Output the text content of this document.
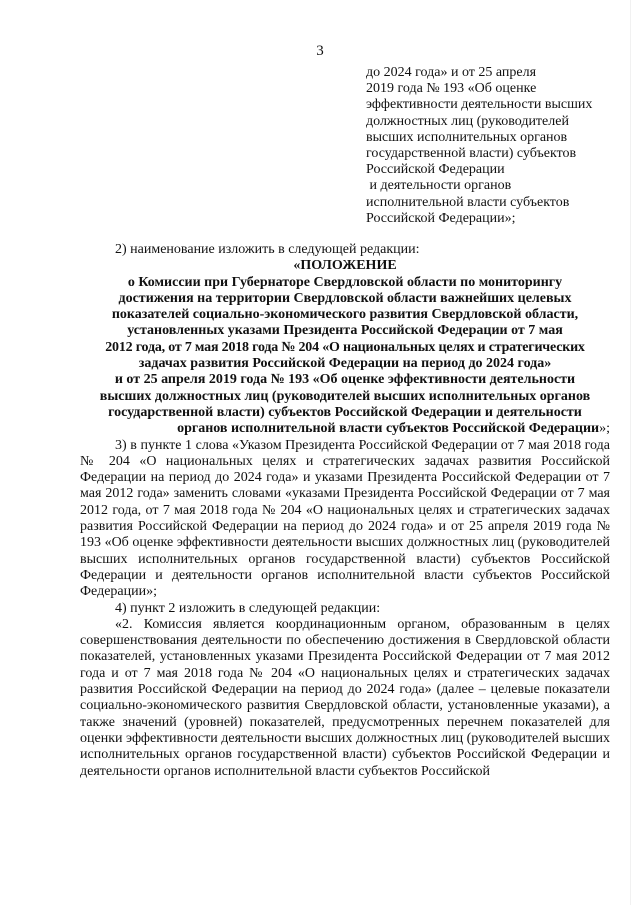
3
до 2024 года» и от 25 апреля
2019 года № 193 «Об оценке
эффективности деятельности высших
должностных лиц (руководителей
высших исполнительных органов
государственной власти) субъектов
Российской Федерации
и деятельности органов
исполнительной власти субъектов
Российской Федерации»;

2) наименование изложить в следующей редакции:

«ПОЛОЖЕНИЕ
о Комиссии при Губернаторе Свердловской области по мониторингу
достижения на территории Свердловской области важнейших целевых
показателей социально-экономического развития Свердловской области,
установленных указами Президента Российской Федерации от 7 мая
2012 года, от 7 мая 2018 года № 204 «О национальных целях и стратегических
задачах развития Российской Федерации на период до 2024 года»
и от 25 апреля 2019 года № 193 «Об оценке эффективности деятельности
высших должностных лиц (руководителей высших исполнительных органов
государственной власти) субъектов Российской Федерации и деятельности
органов исполнительной власти субъектов Российской Федерации»;

3) в пункте 1 слова «Указом Президента Российской Федерации от 7 мая 2018 года № 204 «О национальных целях и стратегических задачах развития Российской Федерации на период до 2024 года» и указами Президента Российской Федерации от 7 мая 2012 года» заменить словами «указами Президента Российской Федерации от 7 мая 2012 года, от 7 мая 2018 года № 204 «О национальных целях и стратегических задачах развития Российской Федерации на период до 2024 года» и от 25 апреля 2019 года № 193 «Об оценке эффективности деятельности высших должностных лиц (руководителей высших исполнительных органов государственной власти) субъектов Российской Федерации и деятельности органов исполнительной власти субъектов Российской Федерации»;

4) пункт 2 изложить в следующей редакции:

«2. Комиссия является координационным органом, образованным в целях совершенствования деятельности по обеспечению достижения в Свердловской области показателей, установленных указами Президента Российской Федерации от 7 мая 2012 года и от 7 мая 2018 года № 204 «О национальных целях и стратегических задачах развития Российской Федерации на период до 2024 года» (далее – целевые показатели социально-экономического развития Свердловской области, установленные указами), а также значений (уровней) показателей, предусмотренных перечнем показателей для оценки эффективности деятельности высших должностных лиц (руководителей высших исполнительных органов государственной власти) субъектов Российской Федерации и деятельности органов исполнительной власти субъектов Российской
